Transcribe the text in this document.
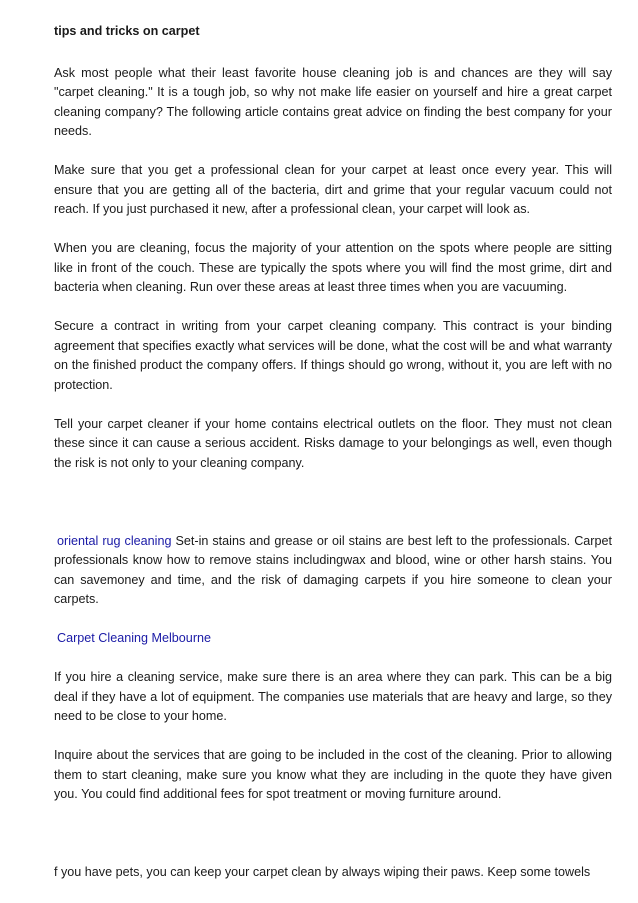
tips and tricks on carpet

Ask most people what their least favorite house cleaning job is and chances are they will say "carpet cleaning." It is a tough job, so why not make life easier on yourself and hire a great carpet cleaning company? The following article contains great advice on finding the best company for your needs.

Make sure that you get a professional clean for your carpet at least once every year. This will ensure that you are getting all of the bacteria, dirt and grime that your regular vacuum could not reach. If you just purchased it new, after a professional clean, your carpet will look as.

When you are cleaning, focus the majority of your attention on the spots where people are sitting like in front of the couch. These are typically the spots where you will find the most grime, dirt and bacteria when cleaning. Run over these areas at least three times when you are vacuuming.

Secure a contract in writing from your carpet cleaning company. This contract is your binding agreement that specifies exactly what services will be done, what the cost will be and what warranty on the finished product the company offers. If things should go wrong, without it, you are left with no protection.

Tell your carpet cleaner if your home contains electrical outlets on the floor. They must not clean these since it can cause a serious accident. Risks damage to your belongings as well, even though the risk is not only to your cleaning company.

oriental rug cleaning Set-in stains and grease or oil stains are best left to the professionals. Carpet professionals know how to remove stains includingwax and blood, wine or other harsh stains. You can savemoney and time, and the risk of damaging carpets if you hire someone to clean your carpets.

Carpet Cleaning Melbourne

If you hire a cleaning service, make sure there is an area where they can park. This can be a big deal if they have a lot of equipment. The companies use materials that are heavy and large, so they need to be close to your home.

Inquire about the services that are going to be included in the cost of the cleaning. Prior to allowing them to start cleaning, make sure you know what they are including in the quote they have given you. You could find additional fees for spot treatment or moving furniture around.

f you have pets, you can keep your carpet clean by always wiping their paws. Keep some towels
